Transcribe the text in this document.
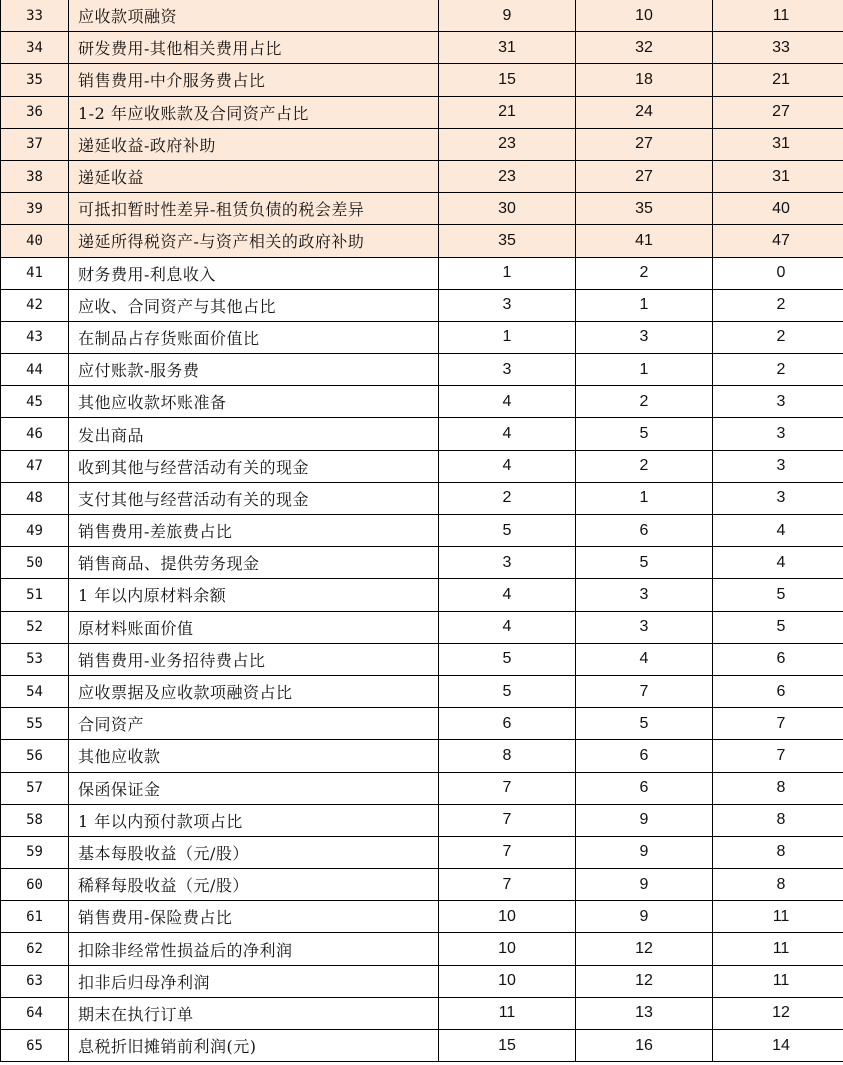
33	应收款项融资	9	10	11
34	研发费用-其他相关费用占比	31	32	33
35	销售费用-中介服务费占比	15	18	21
36	1-2 年应收账款及合同资产占比	21	24	27
37	递延收益-政府补助	23	27	31
38	递延收益	23	27	31
39	可抵扣暂时性差异-租赁负债的税会差异	30	35	40
40	递延所得税资产-与资产相关的政府补助	35	41	47
41	财务费用-利息收入	1	2	0
42	应收、合同资产与其他占比	3	1	2
43	在制品占存货账面价值比	1	3	2
44	应付账款-服务费	3	1	2
45	其他应收款坏账准备	4	2	3
46	发出商品	4	5	3
47	收到其他与经营活动有关的现金	4	2	3
48	支付其他与经营活动有关的现金	2	1	3
49	销售费用-差旅费占比	5	6	4
50	销售商品、提供劳务现金	3	5	4
51	1 年以内原材料余额	4	3	5
52	原材料账面价值	4	3	5
53	销售费用-业务招待费占比	5	4	6
54	应收票据及应收款项融资占比	5	7	6
55	合同资产	6	5	7
56	其他应收款	8	6	7
57	保函保证金	7	6	8
58	1 年以内预付款项占比	7	9	8
59	基本每股收益（元/股）	7	9	8
60	稀释每股收益（元/股）	7	9	8
61	销售费用-保险费占比	10	9	11
62	扣除非经常性损益后的净利润	10	12	11
63	扣非后归母净利润	10	12	11
64	期末在执行订单	11	13	12
65	息税折旧摊销前利润(元)	15	16	14
